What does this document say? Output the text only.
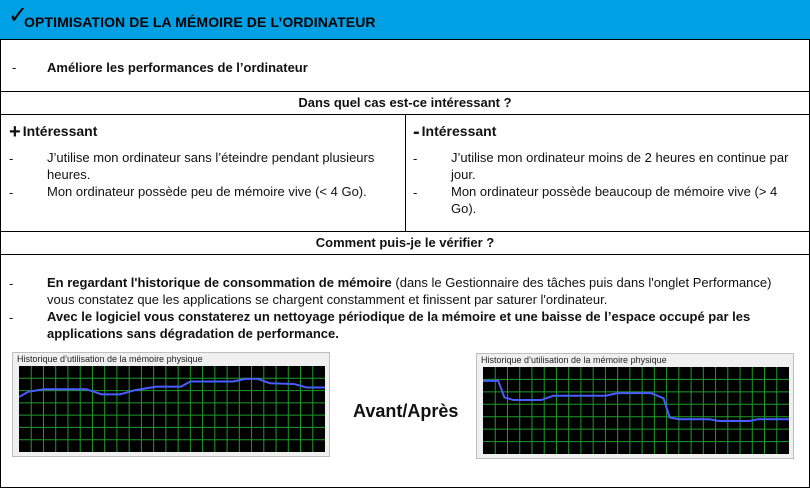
✓
OPTIMISATION DE LA MÉMOIRE DE L’ORDINATEUR
- Améliore les performances de l’ordinateur
Dans quel cas est-ce intéressant ?
+ Intéressant
-	J’utilise mon ordinateur sans l’éteindre pendant plusieurs heures.
-	Mon ordinateur possède peu de mémoire vive (< 4 Go).
- Intéressant
-	J’utilise mon ordinateur moins de 2 heures en continue par jour.
-	Mon ordinateur possède beaucoup de mémoire vive (> 4 Go).
Comment puis-je le vérifier ?
-	En regardant l'historique de consommation de mémoire (dans le Gestionnaire des tâches puis dans l'onglet Performance) vous constatez que les applications se chargent constamment et finissent par saturer l'ordinateur.
-	Avec le logiciel vous constaterez un nettoyage périodique de la mémoire et une baisse de l’espace occupé par les applications sans dégradation de performance.
Historique d’utilisation de la mémoire physique
Avant/Après
Historique d’utilisation de la mémoire physique
